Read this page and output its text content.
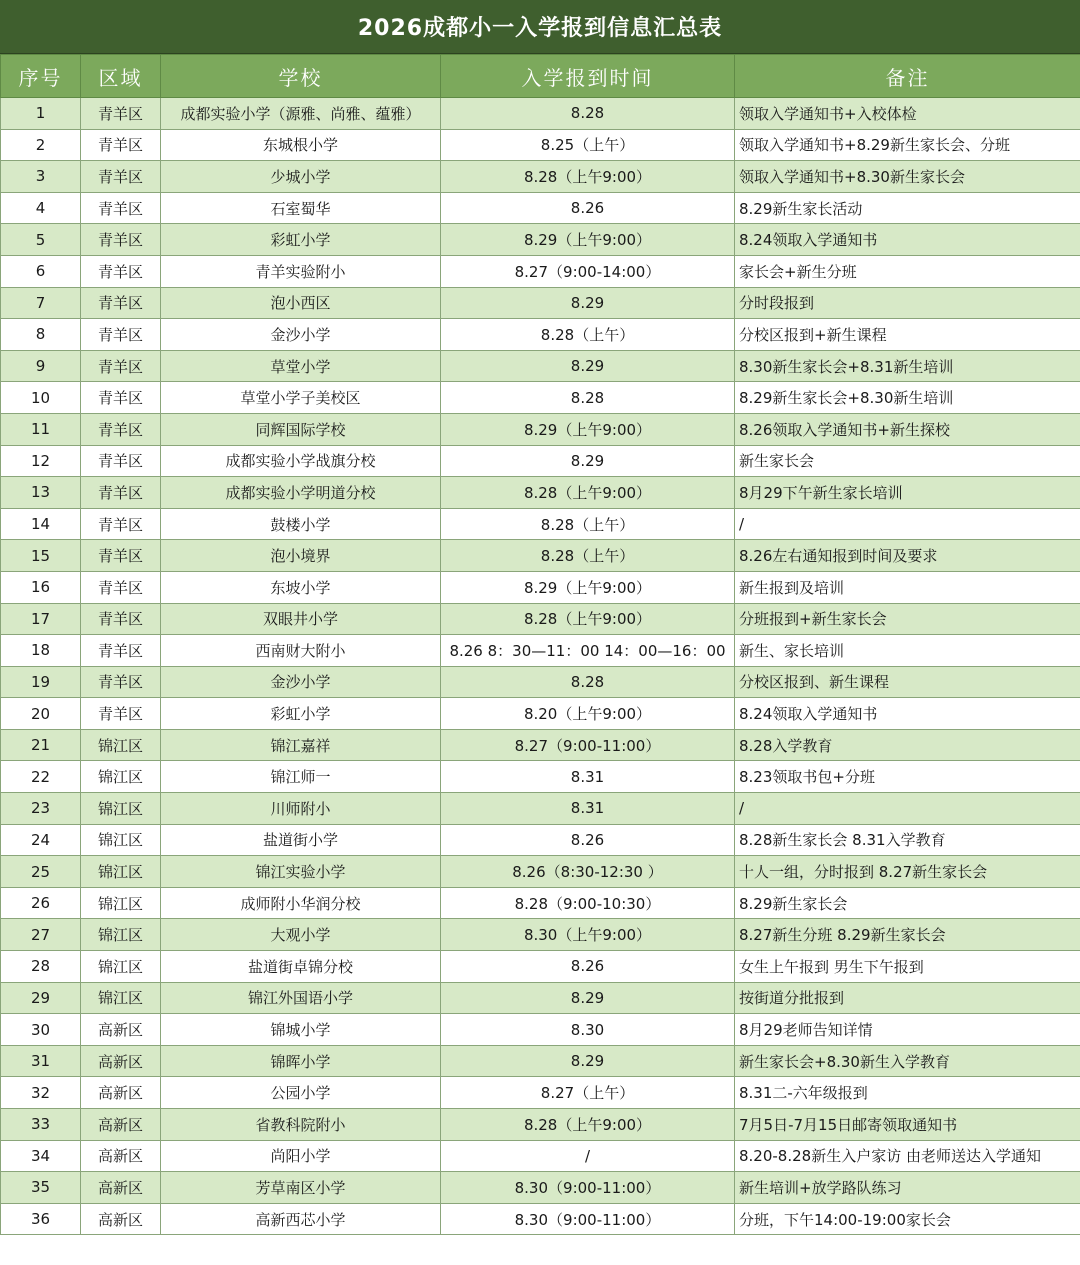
2026成都小一入学报到信息汇总表
序号	区域	学校	入学报到时间	备注
1	青羊区	成都实验小学（源雅、尚雅、蕴雅）	8.28	领取入学通知书+入校体检
2	青羊区	东城根小学	8.25（上午）	领取入学通知书+8.29新生家长会、分班
3	青羊区	少城小学	8.28（上午9:00）	领取入学通知书+8.30新生家长会
4	青羊区	石室蜀华	8.26	8.29新生家长活动
5	青羊区	彩虹小学	8.29（上午9:00）	8.24领取入学通知书
6	青羊区	青羊实验附小	8.27（9:00-14:00）	家长会+新生分班
7	青羊区	泡小西区	8.29	分时段报到
8	青羊区	金沙小学	8.28（上午）	分校区报到+新生课程
9	青羊区	草堂小学	8.29	8.30新生家长会+8.31新生培训
10	青羊区	草堂小学子美校区	8.28	8.29新生家长会+8.30新生培训
11	青羊区	同辉国际学校	8.29（上午9:00）	8.26领取入学通知书+新生探校
12	青羊区	成都实验小学战旗分校	8.29	新生家长会
13	青羊区	成都实验小学明道分校	8.28（上午9:00）	8月29下午新生家长培训
14	青羊区	鼓楼小学	8.28（上午）	/
15	青羊区	泡小境界	8.28（上午）	8.26左右通知报到时间及要求
16	青羊区	东坡小学	8.29（上午9:00）	新生报到及培训
17	青羊区	双眼井小学	8.28（上午9:00）	分班报到+新生家长会
18	青羊区	西南财大附小	8.26 8：30—11：00 14：00—16：00	新生、家长培训
19	青羊区	金沙小学	8.28	分校区报到、新生课程
20	青羊区	彩虹小学	8.20（上午9:00）	8.24领取入学通知书
21	锦江区	锦江嘉祥	8.27（9:00-11:00）	8.28入学教育
22	锦江区	锦江师一	8.31	8.23领取书包+分班
23	锦江区	川师附小	8.31	/
24	锦江区	盐道街小学	8.26	8.28新生家长会 8.31入学教育
25	锦江区	锦江实验小学	8.26（8:30-12:30 ）	十人一组，分时报到 8.27新生家长会
26	锦江区	成师附小华润分校	8.28（9:00-10:30）	8.29新生家长会
27	锦江区	大观小学	8.30（上午9:00）	8.27新生分班 8.29新生家长会
28	锦江区	盐道街卓锦分校	8.26	女生上午报到 男生下午报到
29	锦江区	锦江外国语小学	8.29	按街道分批报到
30	高新区	锦城小学	8.30	8月29老师告知详情
31	高新区	锦晖小学	8.29	新生家长会+8.30新生入学教育
32	高新区	公园小学	8.27（上午）	8.31二-六年级报到
33	高新区	省教科院附小	8.28（上午9:00）	7月5日-7月15日邮寄领取通知书
34	高新区	尚阳小学	/	8.20-8.28新生入户家访 由老师送达入学通知
35	高新区	芳草南区小学	8.30（9:00-11:00）	新生培训+放学路队练习
36	高新区	高新西芯小学	8.30（9:00-11:00）	分班，下午14:00-19:00家长会
